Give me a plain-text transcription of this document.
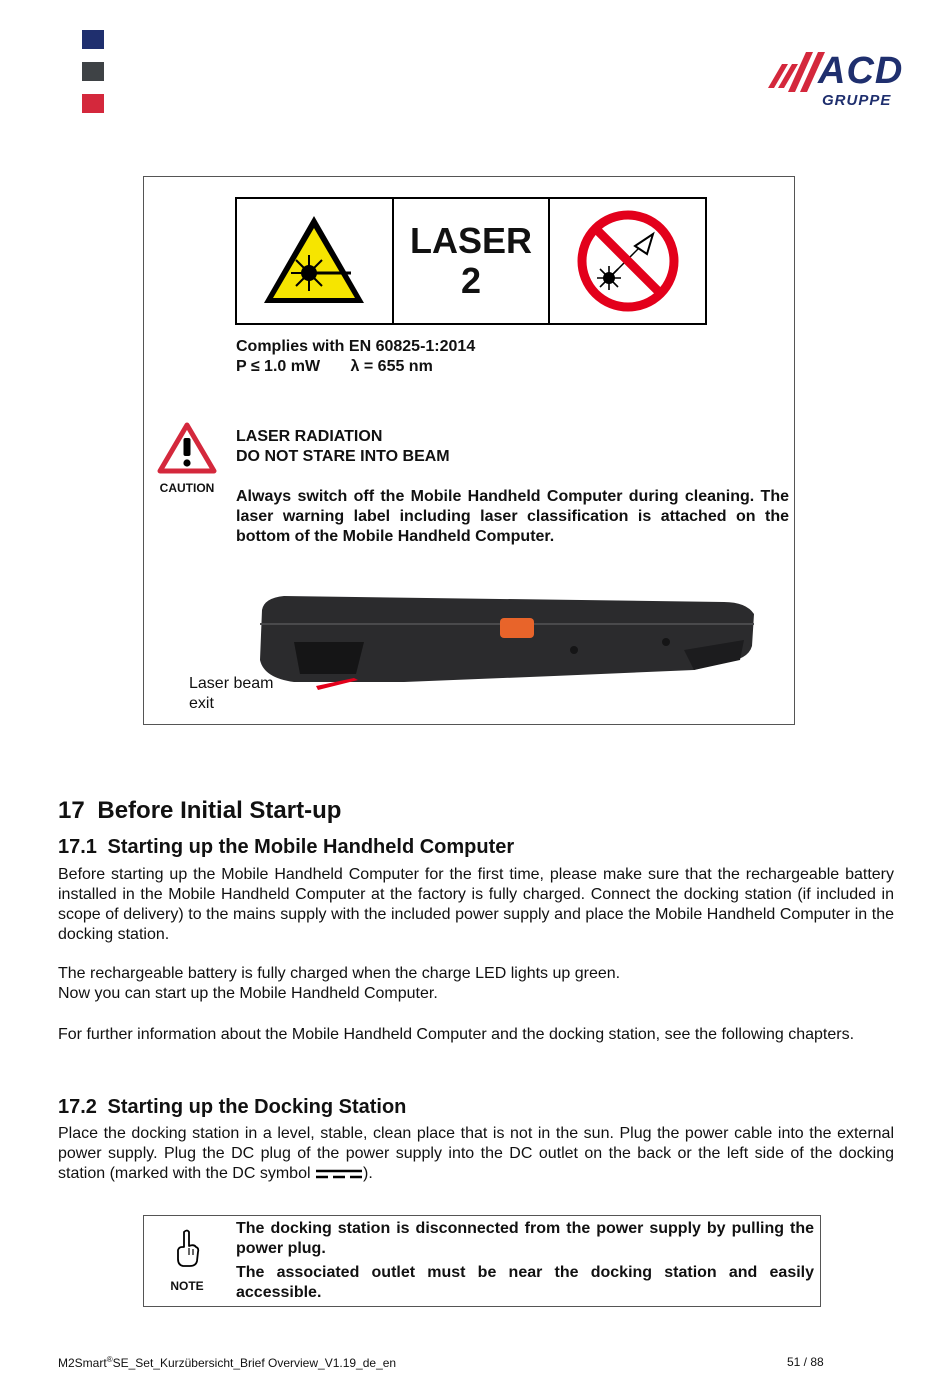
ACD
GRUPPE
LASER
2
Complies with EN 60825-1:2014
P ≤ 1.0 mW λ = 655 nm
CAUTION
LASER RADIATION
DO NOT STARE INTO BEAM
Always switch off the Mobile Handheld Computer during cleaning. The laser warning label including laser classification is attached on the bottom of the Mobile Handheld Computer.
Laser beam
exit
17 Before Initial Start-up
17.1 Starting up the Mobile Handheld Computer
Before starting up the Mobile Handheld Computer for the first time, please make sure that the rechargeable battery installed in the Mobile Handheld Computer at the factory is fully charged. Connect the docking station (if included in scope of delivery) to the mains supply with the included power supply and place the Mobile Handheld Computer in the docking station.
The rechargeable battery is fully charged when the charge LED lights up green.
Now you can start up the Mobile Handheld Computer.
For further information about the Mobile Handheld Computer and the docking station, see the following chapters.
17.2 Starting up the Docking Station
Place the docking station in a level, stable, clean place that is not in the sun. Plug the power cable into the external power supply. Plug the DC plug of the power supply into the DC outlet on the back or the left side of the docking station (marked with the DC symbol	).
NOTE
The docking station is disconnected from the power supply by pulling the power plug.
The associated outlet must be near the docking station and easily accessible.
M2Smart®SE_Set_Kurzübersicht_Brief Overview_V1.19_de_en	51 / 88
